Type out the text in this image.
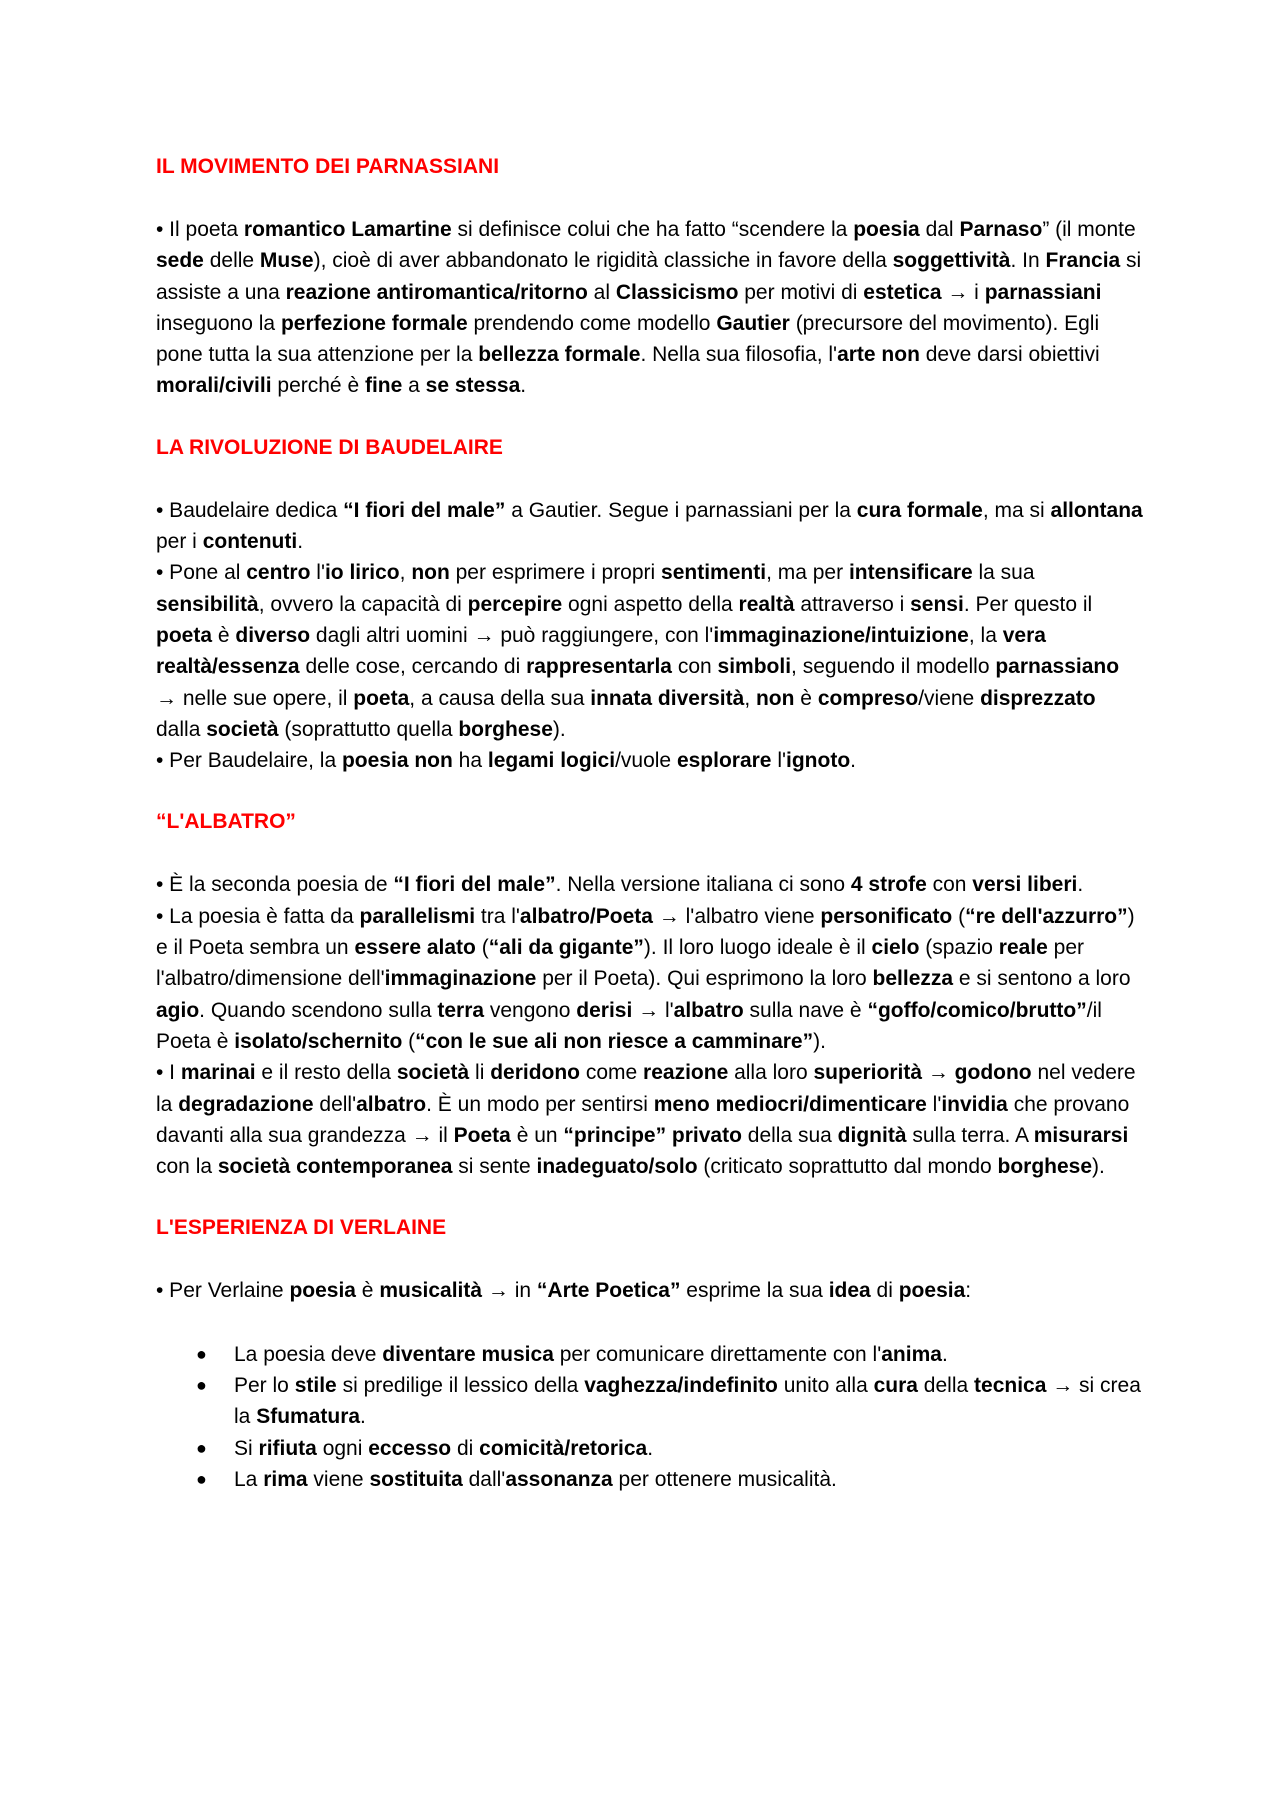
IL MOVIMENTO DEI PARNASSIANI

• Il poeta romantico Lamartine si definisce colui che ha fatto “scendere la poesia dal Parnaso” (il monte sede delle Muse), cioè di aver abbandonato le rigidità classiche in favore della soggettività. In Francia si assiste a una reazione antiromantica/ritorno al Classicismo per motivi di estetica → i parnassiani inseguono la perfezione formale prendendo come modello Gautier (precursore del movimento). Egli pone tutta la sua attenzione per la bellezza formale. Nella sua filosofia, l'arte non deve darsi obiettivi morali/civili perché è fine a se stessa.

LA RIVOLUZIONE DI BAUDELAIRE

• Baudelaire dedica “I fiori del male” a Gautier. Segue i parnassiani per la cura formale, ma si allontana per i contenuti.

• Pone al centro l'io lirico, non per esprimere i propri sentimenti, ma per intensificare la sua sensibilità, ovvero la capacità di percepire ogni aspetto della realtà attraverso i sensi. Per questo il poeta è diverso dagli altri uomini → può raggiungere, con l'immaginazione/intuizione, la vera realtà/essenza delle cose, cercando di rappresentarla con simboli, seguendo il modello parnassiano → nelle sue opere, il poeta, a causa della sua innata diversità, non è compreso/viene disprezzato dalla società (soprattutto quella borghese).

• Per Baudelaire, la poesia non ha legami logici/vuole esplorare l'ignoto.

“L'ALBATRO”

• È la seconda poesia de “I fiori del male”. Nella versione italiana ci sono 4 strofe con versi liberi.

• La poesia è fatta da parallelismi tra l'albatro/Poeta → l'albatro viene personificato (“re dell'azzurro”) e il Poeta sembra un essere alato (“ali da gigante”). Il loro luogo ideale è il cielo (spazio reale per l'albatro/dimensione dell'immaginazione per il Poeta). Qui esprimono la loro bellezza e si sentono a loro agio. Quando scendono sulla terra vengono derisi → l'albatro sulla nave è “goffo/comico/brutto”/il Poeta è isolato/schernito (“con le sue ali non riesce a camminare”).

• I marinai e il resto della società li deridono come reazione alla loro superiorità → godono nel vedere la degradazione dell'albatro. È un modo per sentirsi meno mediocri/dimenticare l'invidia che provano davanti alla sua grandezza → il Poeta è un “principe” privato della sua dignità sulla terra. A misurarsi con la società contemporanea si sente inadeguato/solo (criticato soprattutto dal mondo borghese).

L'ESPERIENZA DI VERLAINE

• Per Verlaine poesia è musicalità → in “Arte Poetica” esprime la sua idea di poesia:

● La poesia deve diventare musica per comunicare direttamente con l'anima.
● Per lo stile si predilige il lessico della vaghezza/indefinito unito alla cura della tecnica → si crea la Sfumatura.
● Si rifiuta ogni eccesso di comicità/retorica.
● La rima viene sostituita dall'assonanza per ottenere musicalità.
